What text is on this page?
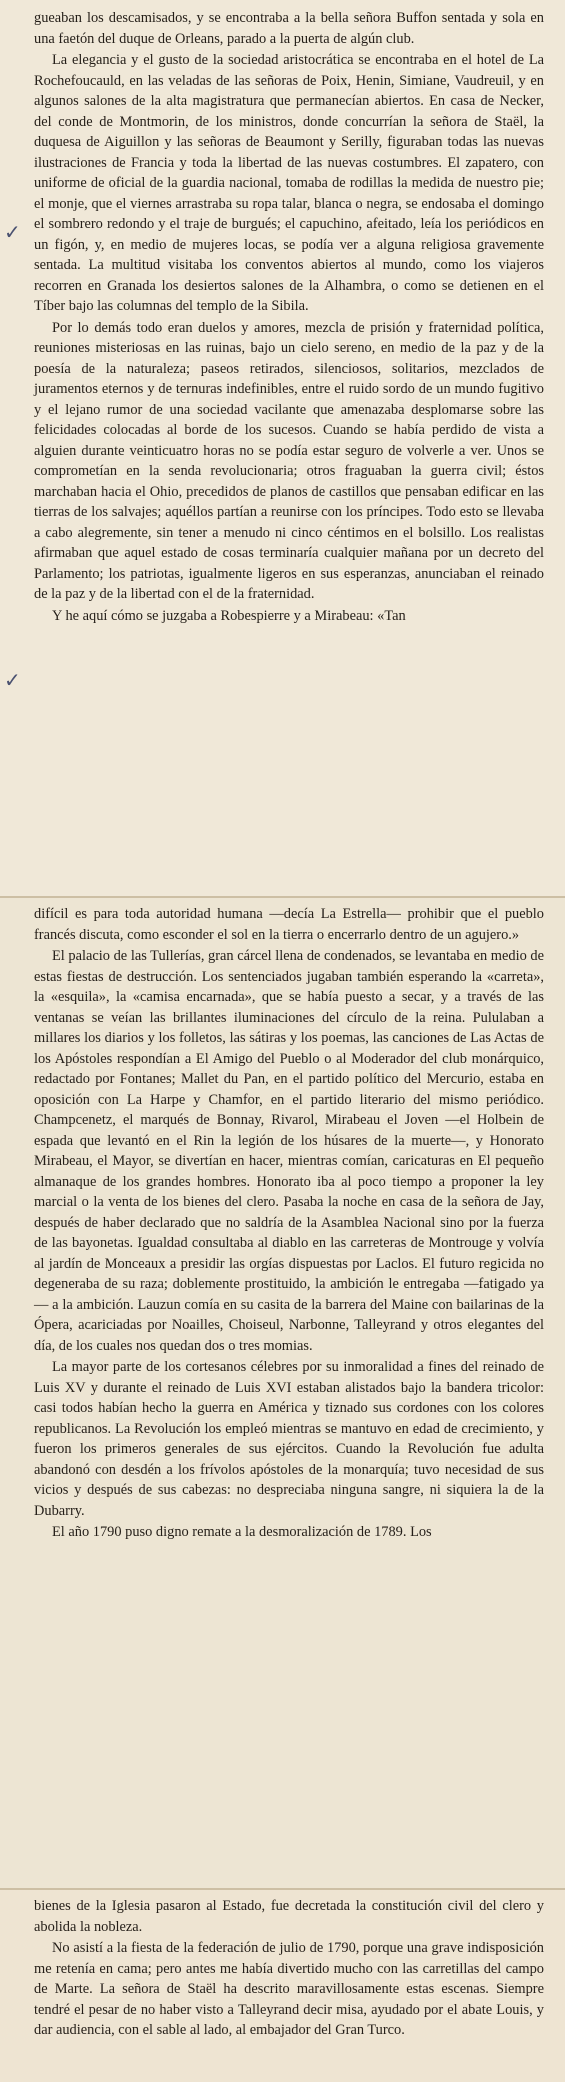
✓
✓

gueaban los descamisados, y se encontraba a la bella señora Buffon sentada y sola en una faetón del duque de Orleans, parado a la puerta de algún club.

La elegancia y el gusto de la sociedad aristocrática se encontraba en el hotel de La Rochefoucauld, en las veladas de las señoras de Poix, Henin, Simiane, Vaudreuil, y en algunos salones de la alta magistratura que permanecían abiertos. En casa de Necker, del conde de Montmorin, de los ministros, donde concurrían la señora de Staël, la duquesa de Aiguillon y las señoras de Beaumont y Serilly, figuraban todas las nuevas ilustraciones de Francia y toda la libertad de las nuevas costumbres. El zapatero, con uniforme de oficial de la guardia nacional, tomaba de rodillas la medida de nuestro pie; el monje, que el viernes arrastraba su ropa talar, blanca o negra, se endosaba el domingo el sombrero redondo y el traje de burgués; el capuchino, afeitado, leía los periódicos en un figón, y, en medio de mujeres locas, se podía ver a alguna religiosa gravemente sentada. La multitud visitaba los conventos abiertos al mundo, como los viajeros recorren en Granada los desiertos salones de la Alhambra, o como se detienen en el Tíber bajo las columnas del templo de la Sibila.

Por lo demás todo eran duelos y amores, mezcla de prisión y fraternidad política, reuniones misteriosas en las ruinas, bajo un cielo sereno, en medio de la paz y de la poesía de la naturaleza; paseos retirados, silenciosos, solitarios, mezclados de juramentos eternos y de ternuras indefinibles, entre el ruido sordo de un mundo fugitivo y el lejano rumor de una sociedad vacilante que amenazaba desplomarse sobre las felicidades colocadas al borde de los sucesos. Cuando se había perdido de vista a alguien durante veinticuatro horas no se podía estar seguro de volverle a ver. Unos se comprometían en la senda revolucionaria; otros fraguaban la guerra civil; éstos marchaban hacia el Ohio, precedidos de planos de castillos que pensaban edificar en las tierras de los salvajes; aquéllos partían a reunirse con los príncipes. Todo esto se llevaba a cabo alegremente, sin tener a menudo ni cinco céntimos en el bolsillo. Los realistas afirmaban que aquel estado de cosas terminaría cualquier mañana por un decreto del Parlamento; los patriotas, igualmente ligeros en sus esperanzas, anunciaban el reinado de la paz y de la libertad con el de la fraternidad.

Y he aquí cómo se juzgaba a Robespierre y a Mirabeau: «Tan

difícil es para toda autoridad humana —decía La Estrella— prohibir que el pueblo francés discuta, como esconder el sol en la tierra o encerrarlo dentro de un agujero.»

El palacio de las Tullerías, gran cárcel llena de condenados, se levantaba en medio de estas fiestas de destrucción. Los sentenciados jugaban también esperando la «carreta», la «esquila», la «camisa encarnada», que se había puesto a secar, y a través de las ventanas se veían las brillantes iluminaciones del círculo de la reina. Pululaban a millares los diarios y los folletos, las sátiras y los poemas, las canciones de Las Actas de los Apóstoles respondían a El Amigo del Pueblo o al Moderador del club monárquico, redactado por Fontanes; Mallet du Pan, en el partido político del Mercurio, estaba en oposición con La Harpe y Chamfor, en el partido literario del mismo periódico. Champcenetz, el marqués de Bonnay, Rivarol, Mirabeau el Joven —el Holbein de espada que levantó en el Rin la legión de los húsares de la muerte—, y Honorato Mirabeau, el Mayor, se divertían en hacer, mientras comían, caricaturas en El pequeño almanaque de los grandes hombres. Honorato iba al poco tiempo a proponer la ley marcial o la venta de los bienes del clero. Pasaba la noche en casa de la señora de Jay, después de haber declarado que no saldría de la Asamblea Nacional sino por la fuerza de las bayonetas. Igualdad consultaba al diablo en las carreteras de Montrouge y volvía al jardín de Monceaux a presidir las orgías dispuestas por Laclos. El futuro regicida no degeneraba de su raza; doblemente prostituido, la ambición le entregaba —fatigado ya— a la ambición. Lauzun comía en su casita de la barrera del Maine con bailarinas de la Ópera, acariciadas por Noailles, Choiseul, Narbonne, Talleyrand y otros elegantes del día, de los cuales nos quedan dos o tres momias.

La mayor parte de los cortesanos célebres por su inmoralidad a fines del reinado de Luis XV y durante el reinado de Luis XVI estaban alistados bajo la bandera tricolor: casi todos habían hecho la guerra en América y tiznado sus cordones con los colores republicanos. La Revolución los empleó mientras se mantuvo en edad de crecimiento, y fueron los primeros generales de sus ejércitos. Cuando la Revolución fue adulta abandonó con desdén a los frívolos apóstoles de la monarquía; tuvo necesidad de sus vicios y después de sus cabezas: no despreciaba ninguna sangre, ni siquiera la de la Dubarry.

El año 1790 puso digno remate a la desmoralización de 1789. Los

bienes de la Iglesia pasaron al Estado, fue decretada la constitución civil del clero y abolida la nobleza.

No asistí a la fiesta de la federación de julio de 1790, porque una grave indisposición me retenía en cama; pero antes me había divertido mucho con las carretillas del campo de Marte. La señora de Staël ha descrito maravillosamente estas escenas. Siempre tendré el pesar de no haber visto a Talleyrand decir misa, ayudado por el abate Louis, y dar audiencia, con el sable al lado, al embajador del Gran Turco.
